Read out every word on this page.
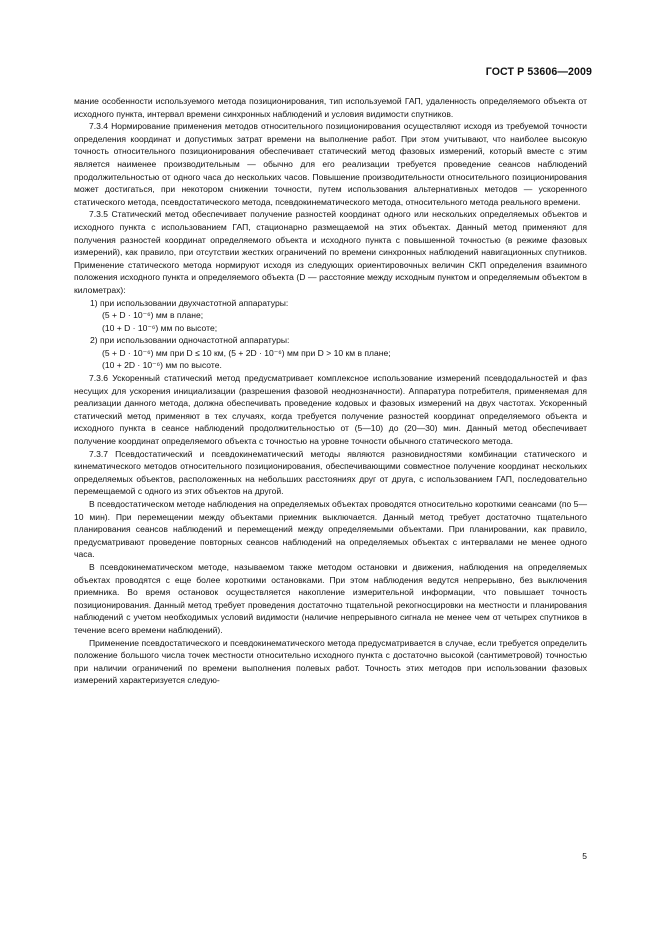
ГОСТ Р 53606—2009

мание особенности используемого метода позиционирования, тип используемой ГАП, удаленность определяемого объекта от исходного пункта, интервал времени синхронных наблюдений и условия видимости спутников.

7.3.4 Нормирование применения методов относительного позиционирования осуществляют исходя из требуемой точности определения координат и допустимых затрат времени на выполнение работ. При этом учитывают, что наиболее высокую точность относительного позиционирования обеспечивает статический метод фазовых измерений, который вместе с этим является наименее производительным — обычно для его реализации требуется проведение сеансов наблюдений продолжительностью от одного часа до нескольких часов. Повышение производительности относительного позиционирования может достигаться, при некотором снижении точности, путем использования альтернативных методов — ускоренного статического метода, псевдостатического метода, псевдокинематического метода, относительного метода реального времени.

7.3.5 Статический метод обеспечивает получение разностей координат одного или нескольких определяемых объектов и исходного пункта с использованием ГАП, стационарно размещаемой на этих объектах. Данный метод применяют для получения разностей координат определяемого объекта и исходного пункта с повышенной точностью (в режиме фазовых измерений), как правило, при отсутствии жестких ограничений по времени синхронных наблюдений навигационных спутников. Применение статического метода нормируют исходя из следующих ориентировочных величин СКП определения взаимного положения исходного пункта и определяемого объекта (D — расстояние между исходным пунктом и определяемым объектом в километрах):

1) при использовании двухчастотной аппаратуры:

(5 + D · 10⁻⁶) мм в плане;

(10 + D · 10⁻⁶) мм по высоте;

2) при использовании одночастотной аппаратуры:

(5 + D · 10⁻⁶) мм при D ≤ 10 км, (5 + 2D · 10⁻⁶) мм при D > 10 км в плане;

(10 + 2D · 10⁻⁶) мм по высоте.

7.3.6 Ускоренный статический метод предусматривает комплексное использование измерений псевдодальностей и фаз несущих для ускорения инициализации (разрешения фазовой неоднозначности). Аппаратура потребителя, применяемая для реализации данного метода, должна обеспечивать проведение кодовых и фазовых измерений на двух частотах. Ускоренный статический метод применяют в тех случаях, когда требуется получение разностей координат определяемого объекта и исходного пункта в сеансе наблюдений продолжительностью от (5—10) до (20—30) мин. Данный метод обеспечивает получение координат определяемого объекта с точностью на уровне точности обычного статического метода.

7.3.7 Псевдостатический и псевдокинематический методы являются разновидностями комбинации статического и кинематического методов относительного позиционирования, обеспечивающими совместное получение координат нескольких определяемых объектов, расположенных на небольших расстояниях друг от друга, с использованием ГАП, последовательно перемещаемой с одного из этих объектов на другой.

В псевдостатическом методе наблюдения на определяемых объектах проводятся относительно короткими сеансами (по 5—10 мин). При перемещении между объектами приемник выключается. Данный метод требует достаточно тщательного планирования сеансов наблюдений и перемещений между определяемыми объектами. При планировании, как правило, предусматривают проведение повторных сеансов наблюдений на определяемых объектах с интервалами не менее одного часа.

В псевдокинематическом методе, называемом также методом остановки и движения, наблюдения на определяемых объектах проводятся с еще более короткими остановками. При этом наблюдения ведутся непрерывно, без выключения приемника. Во время остановок осуществляется накопление измерительной информации, что повышает точность позиционирования. Данный метод требует проведения достаточно тщательной рекогносцировки на местности и планирования наблюдений с учетом необходимых условий видимости (наличие непрерывного сигнала не менее чем от четырех спутников в течение всего времени наблюдений).

Применение псевдостатического и псевдокинематического метода предусматривается в случае, если требуется определить положение большого числа точек местности относительно исходного пункта с достаточно высокой (сантиметровой) точностью при наличии ограничений по времени выполнения полевых работ. Точность этих методов при использовании фазовых измерений характеризуется следую-

5
